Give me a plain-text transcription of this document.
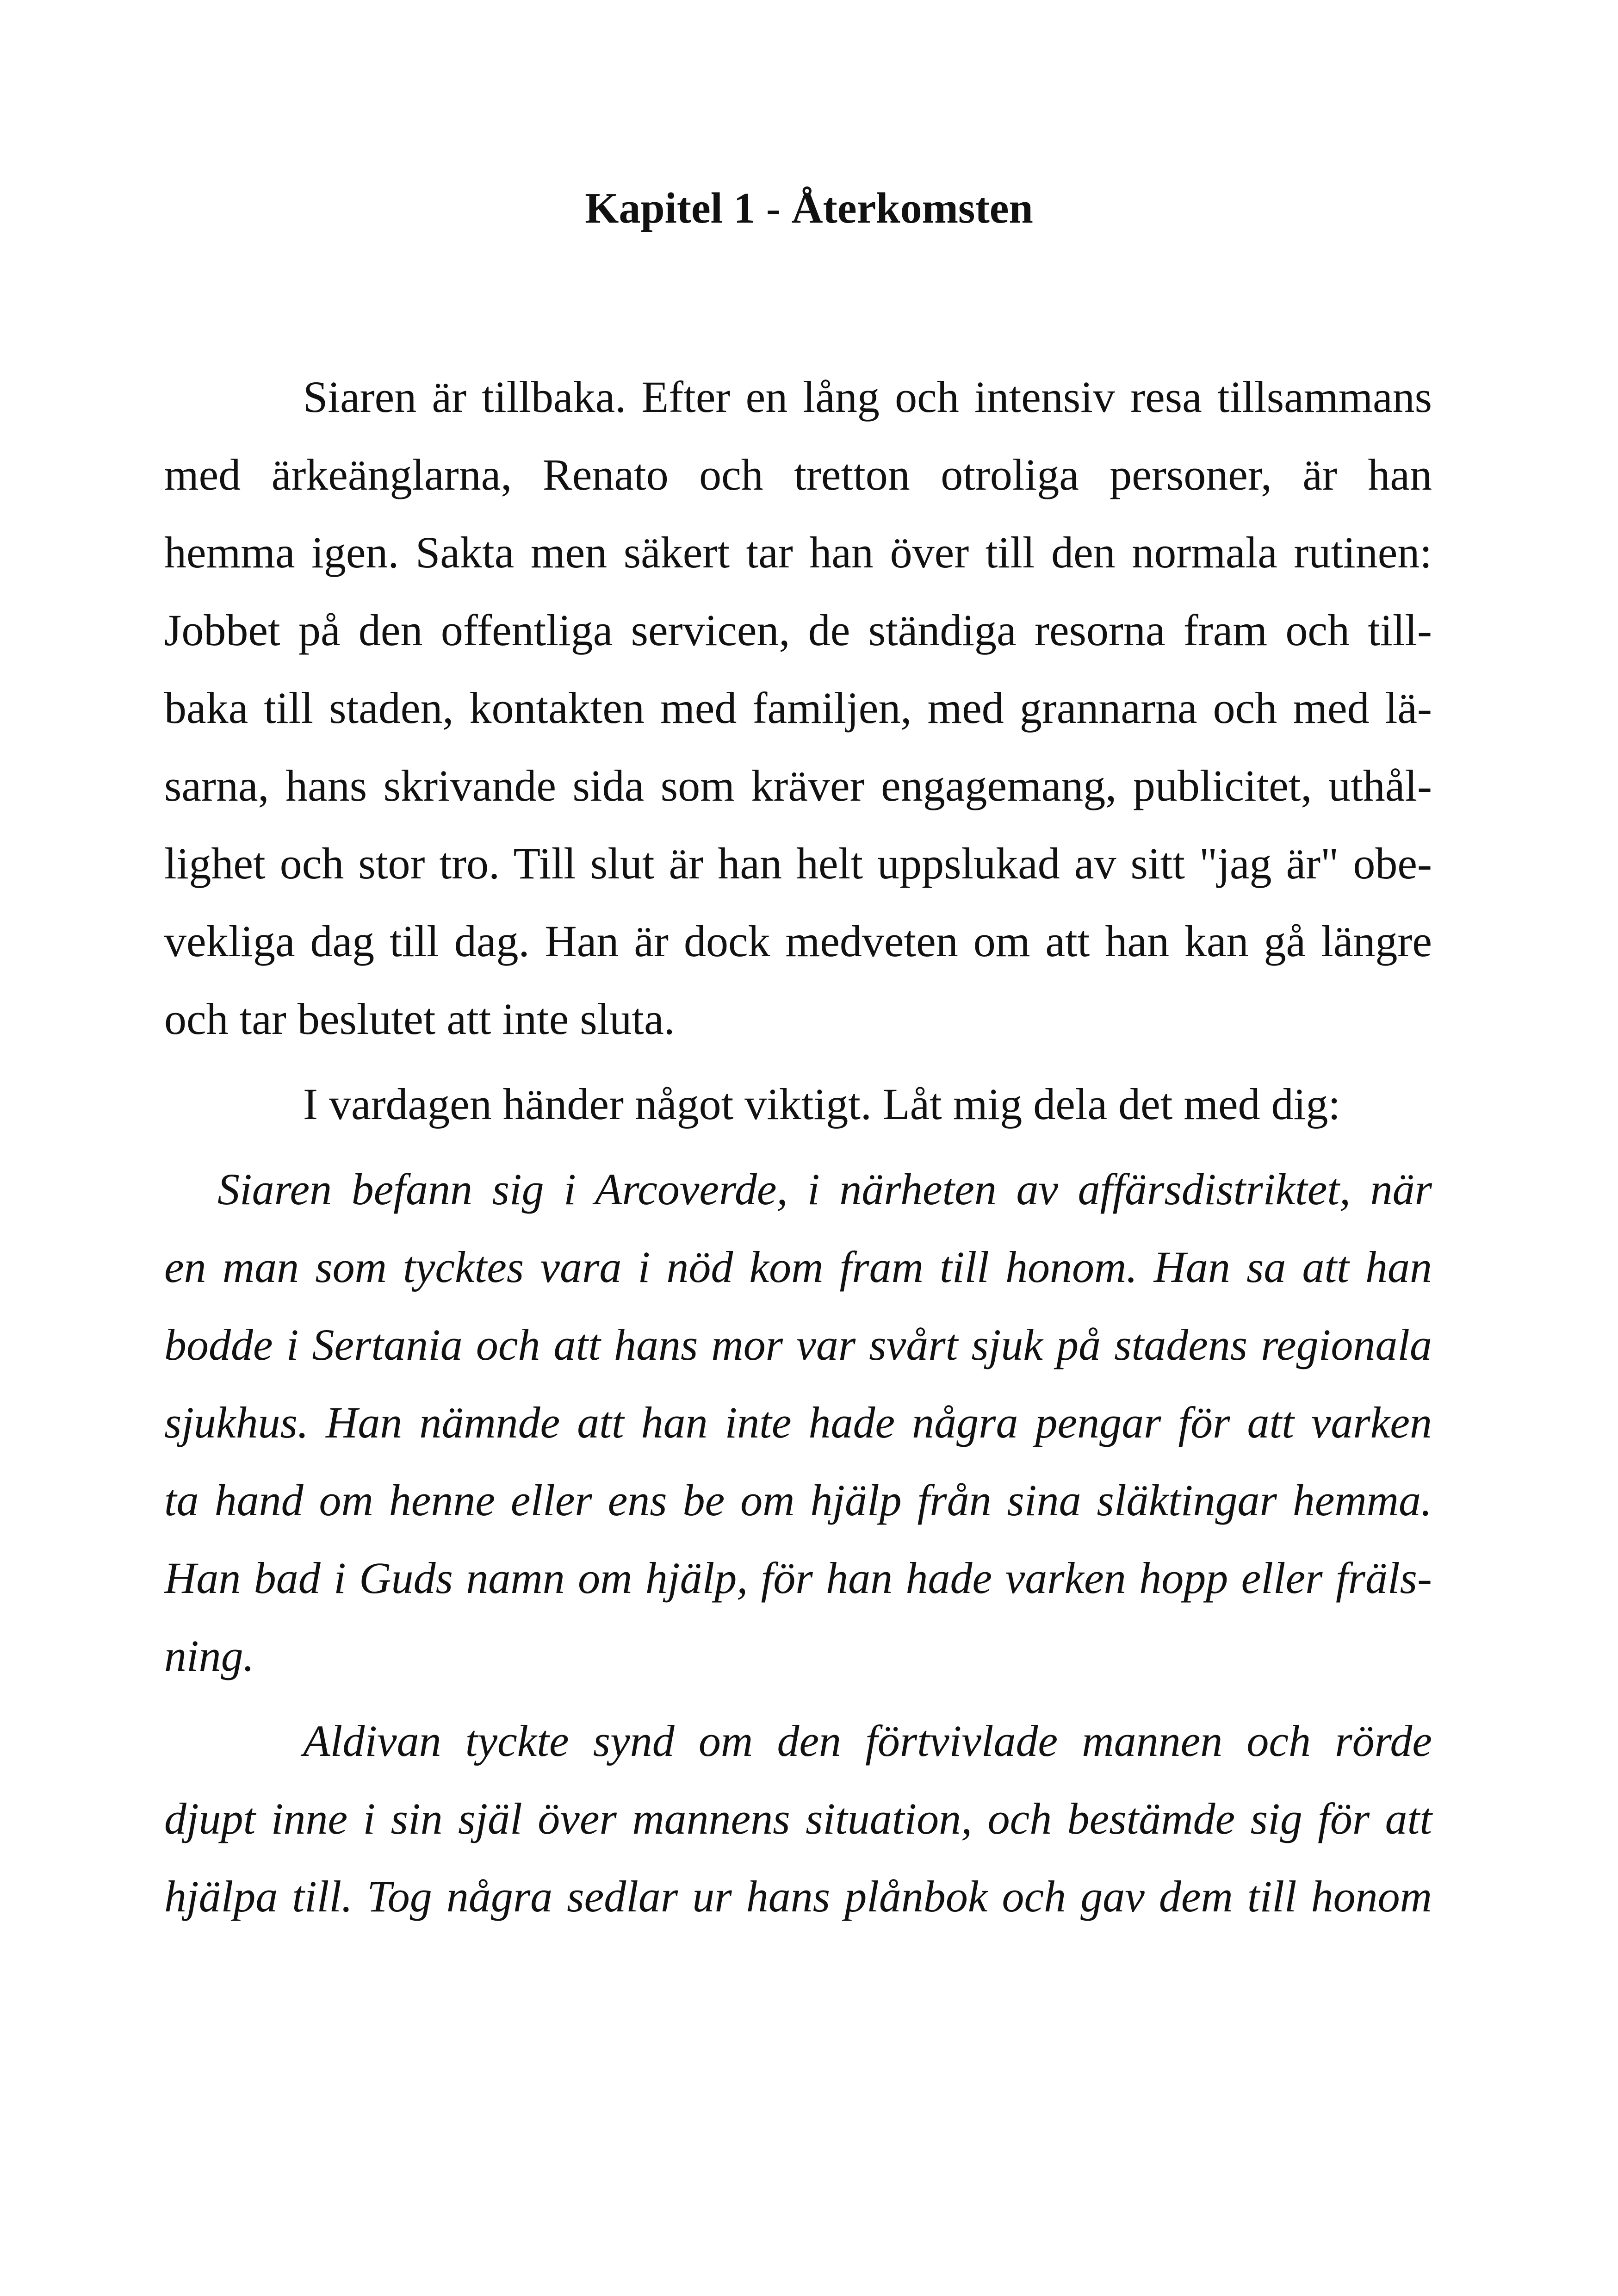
Kapitel 1 - Återkomsten
Siaren är tillbaka. Efter en lång och intensiv resa tillsammans
med ärkeänglarna, Renato och tretton otroliga personer, är han
hemma igen. Sakta men säkert tar han över till den normala rutinen:
Jobbet på den offentliga servicen, de ständiga resorna fram och till-
baka till staden, kontakten med familjen, med grannarna och med lä-
sarna, hans skrivande sida som kräver engagemang, publicitet, uthål-
lighet och stor tro. Till slut är han helt uppslukad av sitt "jag är" obe-
vekliga dag till dag. Han är dock medveten om att han kan gå längre
och tar beslutet att inte sluta.
I vardagen händer något viktigt. Låt mig dela det med dig:
Siaren befann sig i Arcoverde, i närheten av affärsdistriktet, när
en man som tycktes vara i nöd kom fram till honom. Han sa att han
bodde i Sertania och att hans mor var svårt sjuk på stadens regionala
sjukhus. Han nämnde att han inte hade några pengar för att varken
ta hand om henne eller ens be om hjälp från sina släktingar hemma.
Han bad i Guds namn om hjälp, för han hade varken hopp eller fräls-
ning.
Aldivan tyckte synd om den förtvivlade mannen och rörde
djupt inne i sin själ över mannens situation, och bestämde sig för att
hjälpa till. Tog några sedlar ur hans plånbok och gav dem till honom
